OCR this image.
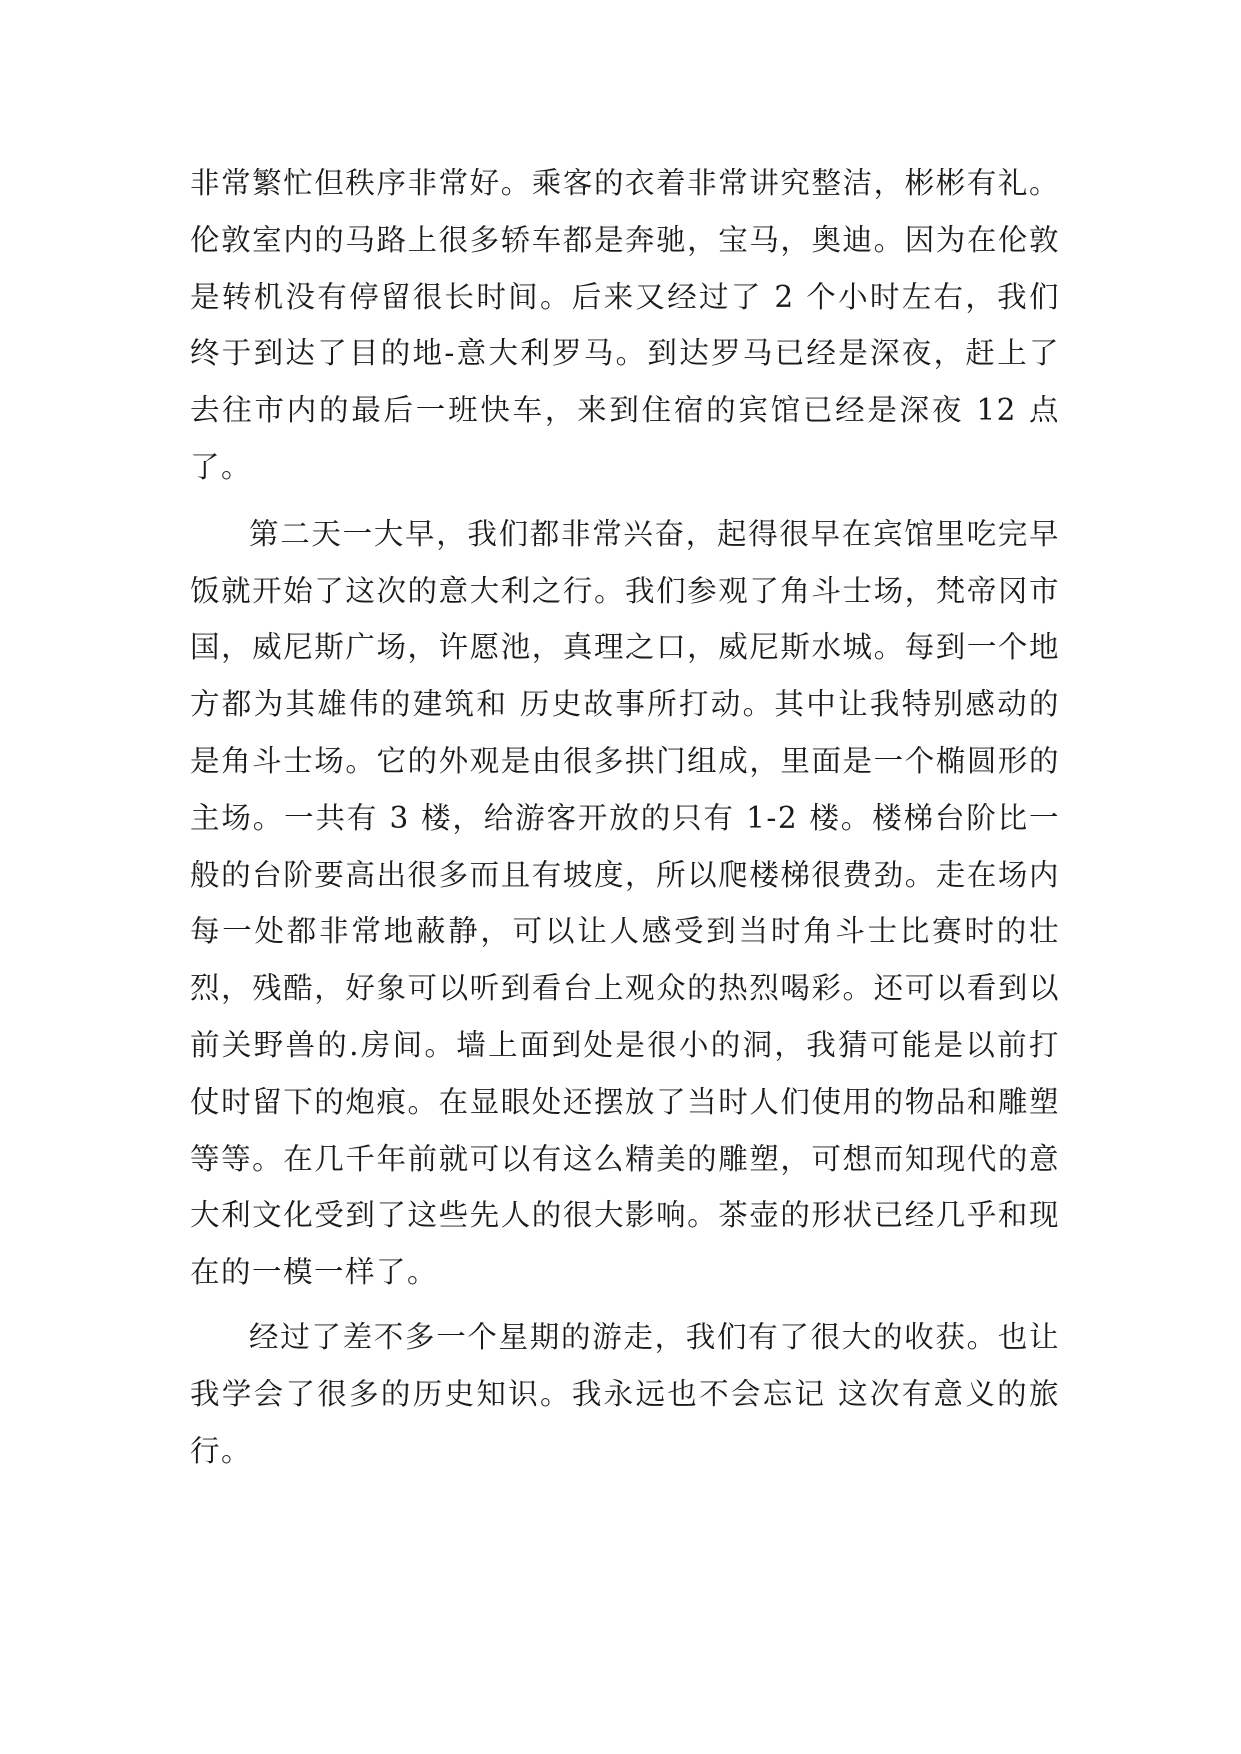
非常繁忙但秩序非常好。乘客的衣着非常讲究整洁，彬彬有礼。伦敦室内的马路上很多轿车都是奔驰，宝马，奥迪。因为在伦敦是转机没有停留很长时间。后来又经过了 2 个小时左右，我们终于到达了目的地-意大利罗马。到达罗马已经是深夜，赶上了去往市内的最后一班快车，来到住宿的宾馆已经是深夜 12 点了。

第二天一大早，我们都非常兴奋，起得很早在宾馆里吃完早饭就开始了这次的意大利之行。我们参观了角斗士场，梵帝冈市国，威尼斯广场，许愿池，真理之口，威尼斯水城。每到一个地方都为其雄伟的建筑和 历史故事所打动。其中让我特别感动的是角斗士场。它的外观是由很多拱门组成，里面是一个椭圆形的主场。一共有 3 楼，给游客开放的只有 1-2 楼。楼梯台阶比一般的台阶要高出很多而且有坡度，所以爬楼梯很费劲。走在场内每一处都非常地蔽静，可以让人感受到当时角斗士比赛时的壮烈，残酷，好象可以听到看台上观众的热烈喝彩。还可以看到以前关野兽的.房间。墙上面到处是很小的洞，我猜可能是以前打仗时留下的炮痕。在显眼处还摆放了当时人们使用的物品和雕塑等等。在几千年前就可以有这么精美的雕塑，可想而知现代的意大利文化受到了这些先人的很大影响。茶壶的形状已经几乎和现在的一模一样了。

经过了差不多一个星期的游走，我们有了很大的收获。也让我学会了很多的历史知识。我永远也不会忘记 这次有意义的旅行。
